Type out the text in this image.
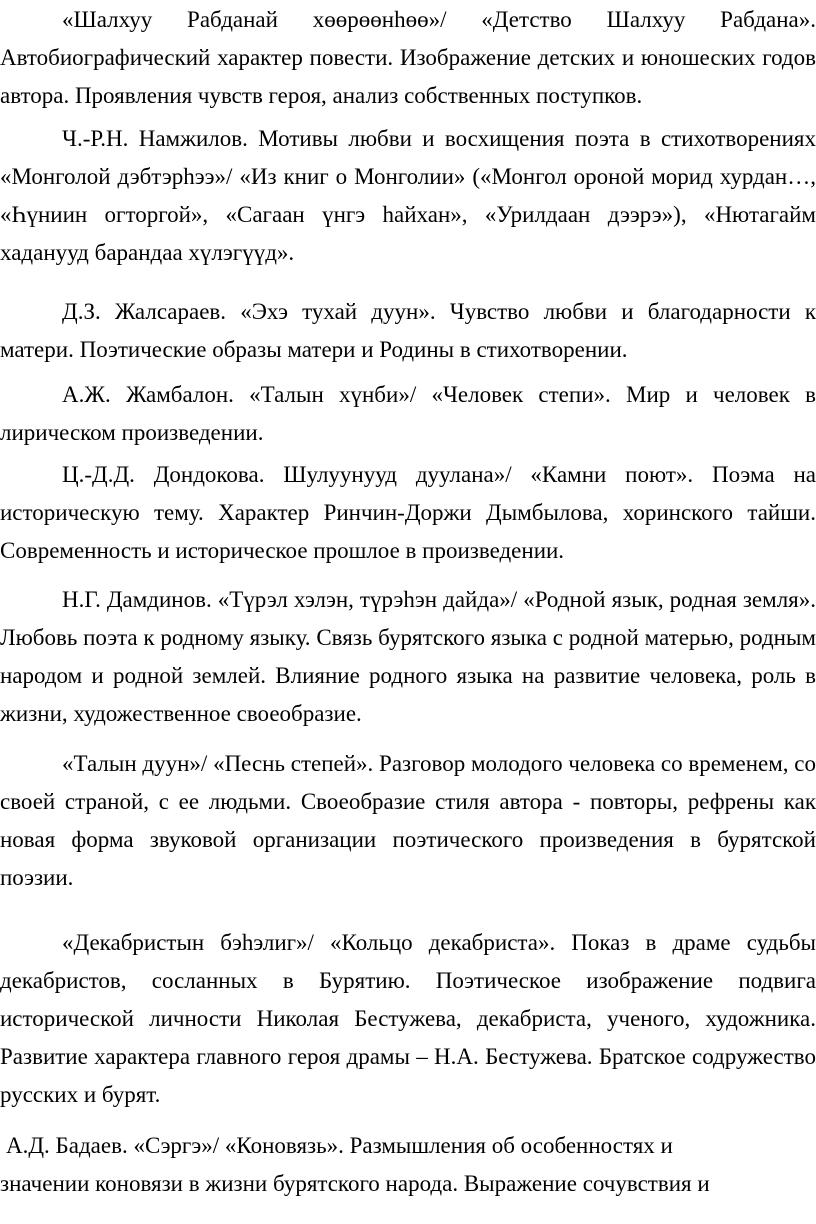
«Шалхуу Рабданай хөөрөөнһөө»/ «Детство Шалхуу Рабдана». Автобиографический характер повести. Изображение детских и юношеских годов автора. Проявления чувств героя, анализ собственных поступков.

Ч.-Р.Н. Намжилов. Мотивы любви и восхищения поэта в стихотворениях «Монголой дэбтэрһээ»/ «Из книг о Монголии» («Монгол ороной морид хурдан…, «Һүниин огторгой», «Сагаан үнгэ һайхан», «Урилдаан дээрэ»), «Нютагайм хаданууд барандаа хүлэгүүд».

Д.З. Жалсараев. «Эхэ тухай дуун». Чувство любви и благодарности к матери. Поэтические образы матери и Родины в стихотворении.

А.Ж. Жамбалон. «Талын хүнби»/ «Человек степи». Мир и человек в лирическом произведении.

Ц.-Д.Д. Дондокова. Шулуунууд дуулана»/ «Камни поют». Поэма на историческую тему. Характер Ринчин-Доржи Дымбылова, хоринского тайши. Современность и историческое прошлое в произведении.

Н.Г. Дамдинов. «Түрэл хэлэн, түрэһэн дайда»/ «Родной язык, родная земля». Любовь поэта к родному языку. Связь бурятского языка с родной матерью, родным народом и родной землей. Влияние родного языка на развитие человека, роль в жизни, художественное своеобразие.

«Талын дуун»/ «Песнь степей». Разговор молодого человека со временем, со своей страной, с ее людьми. Своеобразие стиля автора - повторы, рефрены как новая форма звуковой организации поэтического произведения в бурятской поэзии.

«Декабристын бэһэлиг»/ «Кольцо декабриста». Показ в драме судьбы декабристов, сосланных в Бурятию. Поэтическое изображение подвига исторической личности Николая Бестужева, декабриста, ученого, художника. Развитие характера главного героя драмы – Н.А. Бестужева. Братское содружество русских и бурят.

А.Д. Бадаев. «Сэргэ»/ «Коновязь». Размышления об особенностях и значении коновязи в жизни бурятского народа. Выражение сочувствия и
